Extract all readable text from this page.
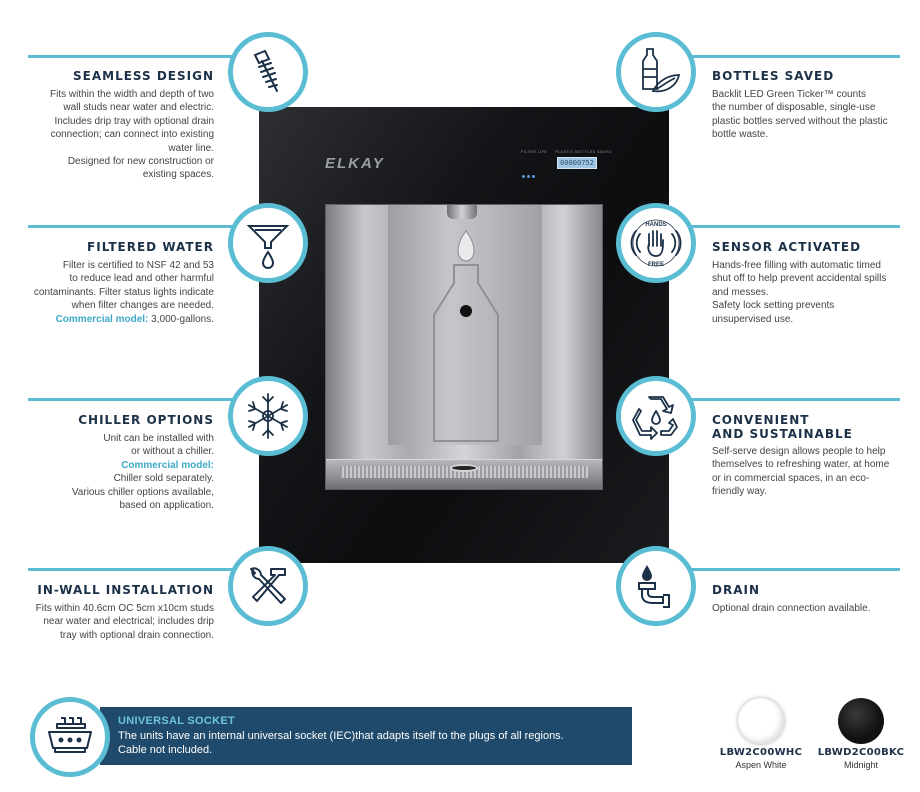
ELKAY
FILTER LIFE PLASTIC BOTTLES SAVED
00000752
HANDS
FREE
SEAMLESS DESIGN

Fits within the width and depth of two

wall studs near water and electric.

Includes drip tray with optional drain

connection; can connect into existing

water line.

Designed for new construction or

existing spaces.

FILTERED WATER

Filter is certified to NSF 42 and 53

to reduce lead and other harmful

contaminants. Filter status lights indicate

when filter changes are needed.

Commercial model: 3,000-gallons.

CHILLER OPTIONS

Unit can be installed with

or without a chiller.

Commercial model:

Chiller sold separately.

Various chiller options available,

based on application.

IN-WALL INSTALLATION

Fits within 40.6cm OC 5cm x10cm studs

near water and electrical; includes drip

tray with optional drain connection.

BOTTLES SAVED

Backlit LED Green Ticker™ counts

the number of disposable, single-use

plastic bottles served without the plastic

bottle waste.

SENSOR ACTIVATED

Hands-free filling with automatic timed

shut off to help prevent accidental spills

and messes.

Safety lock setting prevents

unsupervised use.

CONVENIENT
AND SUSTAINABLE

Self-serve design allows people to help

themselves to refreshing water, at home

or in commercial spaces, in an eco-

friendly way.

DRAIN

Optional drain connection available.

UNIVERSAL SOCKET

The units have an internal universal socket (IEC)that adapts itself to the plugs of all regions.

Cable not included.	LBW2C00WHC
Aspen White
LBWD2C00BKC
Midnight
